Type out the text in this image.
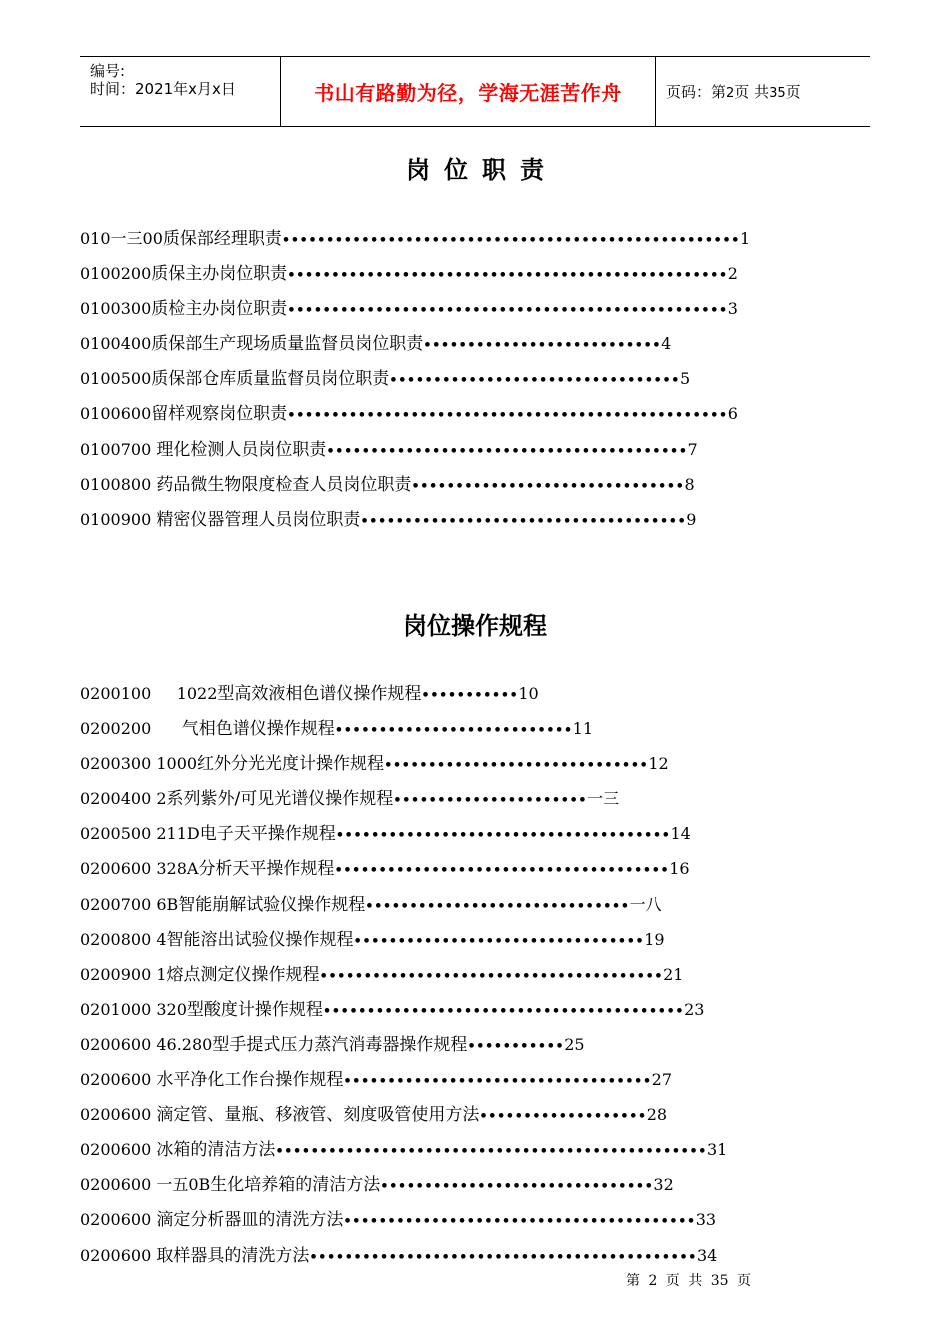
编号:
时间：2021年x月x日	书山有路勤为径，学海无涯苦作舟	页码：第2页 共35页
岗位职责
010一三00质保部经理职责••••••••••••••••••••••••••••••••••••••••••••••••••••1
0100200质保主办岗位职责••••••••••••••••••••••••••••••••••••••••••••••••••2
0100300质检主办岗位职责••••••••••••••••••••••••••••••••••••••••••••••••••3
0100400质保部生产现场质量监督员岗位职责•••••••••••••••••••••••••••4
0100500质保部仓库质量监督员岗位职责•••••••••••••••••••••••••••••••••5
0100600留样观察岗位职责••••••••••••••••••••••••••••••••••••••••••••••••••6
0100700 理化检测人员岗位职责•••••••••••••••••••••••••••••••••••••••••7
0100800 药品微生物限度检查人员岗位职责•••••••••••••••••••••••••••••••8
0100900 精密仪器管理人员岗位职责•••••••••••••••••••••••••••••••••••••9
岗位操作规程
0200100     1022型高效液相色谱仪操作规程•••••••••••10
0200200      气相色谱仪操作规程•••••••••••••••••••••••••••11
0200300 1000红外分光光度计操作规程••••••••••••••••••••••••••••••12
0200400 2系列紫外/可见光谱仪操作规程••••••••••••••••••••••一三
0200500 211D电子天平操作规程••••••••••••••••••••••••••••••••••••••14
0200600 328A分析天平操作规程••••••••••••••••••••••••••••••••••••••16
0200700 6B智能崩解试验仪操作规程••••••••••••••••••••••••••••••一八
0200800 4智能溶出试验仪操作规程•••••••••••••••••••••••••••••••••19
0200900 1熔点测定仪操作规程•••••••••••••••••••••••••••••••••••••••21
0201000 320型酸度计操作规程•••••••••••••••••••••••••••••••••••••••••23
0200600 46.280型手提式压力蒸汽消毒器操作规程•••••••••••25
0200600 水平净化工作台操作规程•••••••••••••••••••••••••••••••••••27
0200600 滴定管、量瓶、移液管、刻度吸管使用方法•••••••••••••••••••28
0200600 冰箱的清洁方法•••••••••••••••••••••••••••••••••••••••••••••••••31
0200600 一五0B生化培养箱的清洁方法•••••••••••••••••••••••••••••••32
0200600 滴定分析器皿的清洗方法••••••••••••••••••••••••••••••••••••••••33
0200600 取样器具的清洗方法••••••••••••••••••••••••••••••••••••••••••••34
第 2 页 共 35 页
